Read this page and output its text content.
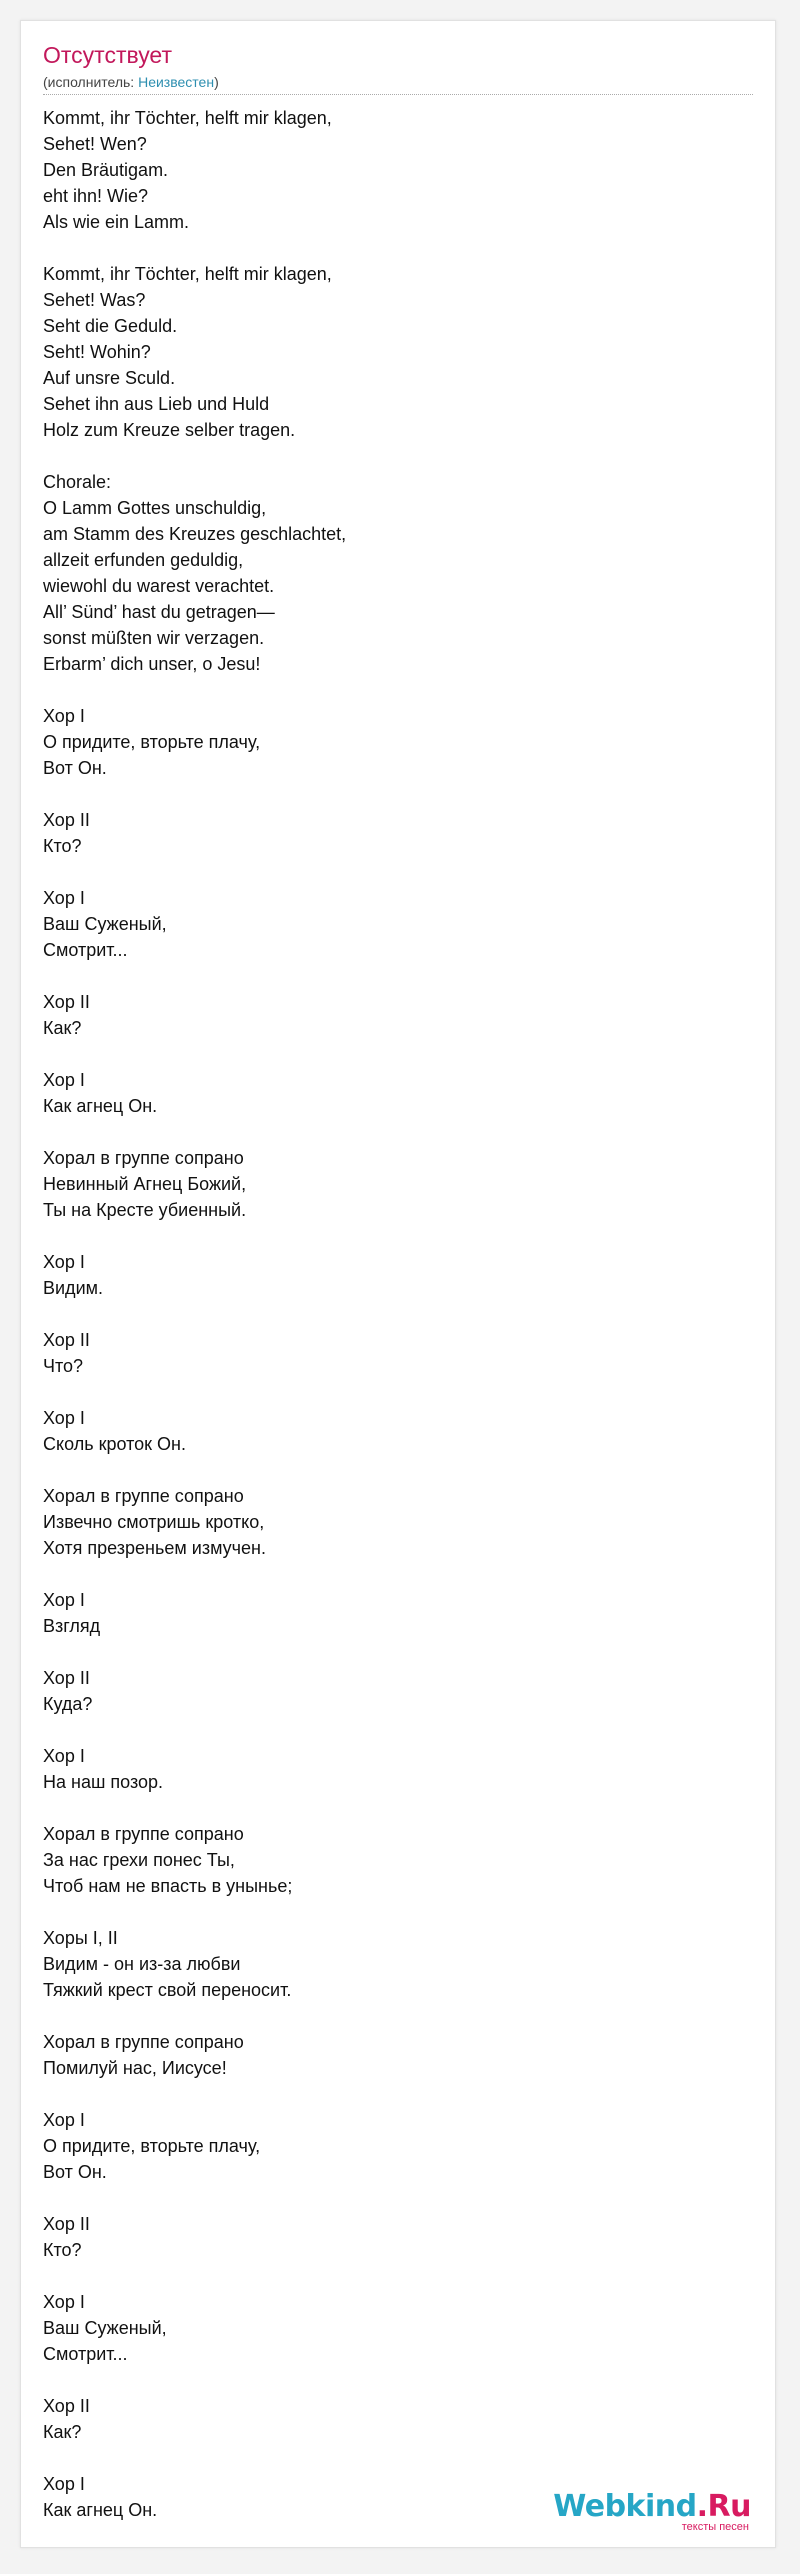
Отсутствует
(исполнитель: Неизвестен)
Kommt, ihr Töchter, helft mir klagen,
Sehet! Wen?
Den Bräutigam.
eht ihn! Wie?
Als wie ein Lamm.

Kommt, ihr Töchter, helft mir klagen,
Sehet! Was?
Seht die Geduld.
Seht! Wohin?
Auf unsre Sculd.
Sehet ihn aus Lieb und Huld
Holz zum Kreuze selber tragen.

Chorale:
O Lamm Gottes unschuldig,
am Stamm des Kreuzes geschlachtet,
allzeit erfunden geduldig,
wiewohl du warest verachtet.
All’ Sünd’ hast du getragen—
sonst müßten wir verzagen.
Erbarm’ dich unser, o Jesu!

Хор I
О придите, вторьте плачу,
Вот Он.

Хор II
Кто?

Хор I
Ваш Суженый,
Смотрит...

Хор II
Как?

Хор I
Как агнец Он.

Хорал в группе сопрано
Невинный Агнец Божий,
Ты на Кресте убиенный.

Хор I
Видим.

Хор II
Что?

Хор I
Сколь кроток Он.

Хорал в группе сопрано
Извечно смотришь кротко,
Хотя презреньем измучен.

Хор I
Взгляд

Хор II
Куда?

Хор I
На наш позор.

Хорал в группе сопрано
За нас грехи понес Ты,
Чтоб нам не впасть в унынье;

Хоры I, II
Видим - он из-за любви
Тяжкий крест свой переносит.

Хорал в группе сопрано
Помилуй нас, Иисусе!

Хор I
О придите, вторьте плачу,
Вот Он.

Хор II
Кто?

Хор I
Ваш Суженый,
Смотрит...

Хор II
Как?

Хор I
Как агнец Он.	Webkind.Ru
тексты песен
